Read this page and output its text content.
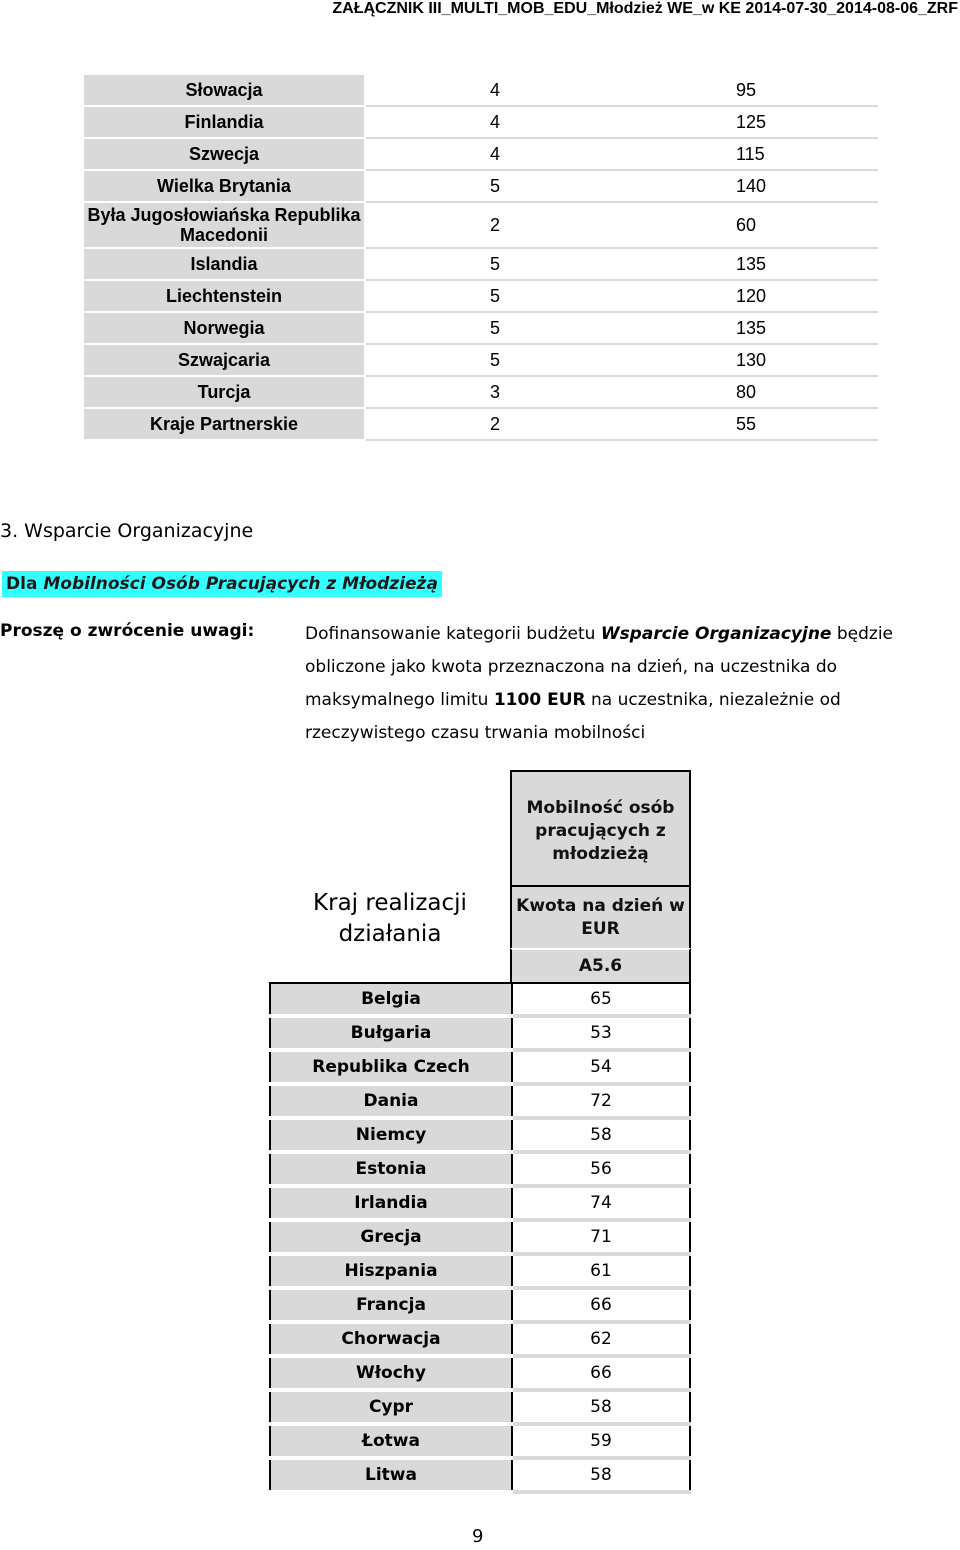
ZAŁĄCZNIK III_MULTI_MOB_EDU_Młodzież WE_w KE 2014-07-30_2014-08-06_ZRF
Słowacja	4	95
Finlandia	4	125
Szwecja	4	115
Wielka Brytania	5	140
Była Jugosłowiańska Republika Macedonii	2	60
Islandia	5	135
Liechtenstein	5	120
Norwegia	5	135
Szwajcaria	5	130
Turcja	3	80
Kraje Partnerskie	2	55
3. Wsparcie Organizacyjne
Dla Mobilności Osób Pracujących z Młodzieżą
Proszę o zwrócenie uwagi:	Dofinansowanie kategorii budżetu Wsparcie Organizacyjne będzie obliczone jako kwota przeznaczona na dzień, na uczestnika do maksymalnego limitu 1100 EUR na uczestnika, niezależnie od rzeczywistego czasu trwania mobilności
Mobilność osób pracujących z młodzieżą
Kraj realizacji działania
Kwota na dzień w EUR
A5.6
Belgia	65
Bułgaria	53
Republika Czech	54
Dania	72
Niemcy	58
Estonia	56
Irlandia	74
Grecja	71
Hiszpania	61
Francja	66
Chorwacja	62
Włochy	66
Cypr	58
Łotwa	59
Litwa	58
9
